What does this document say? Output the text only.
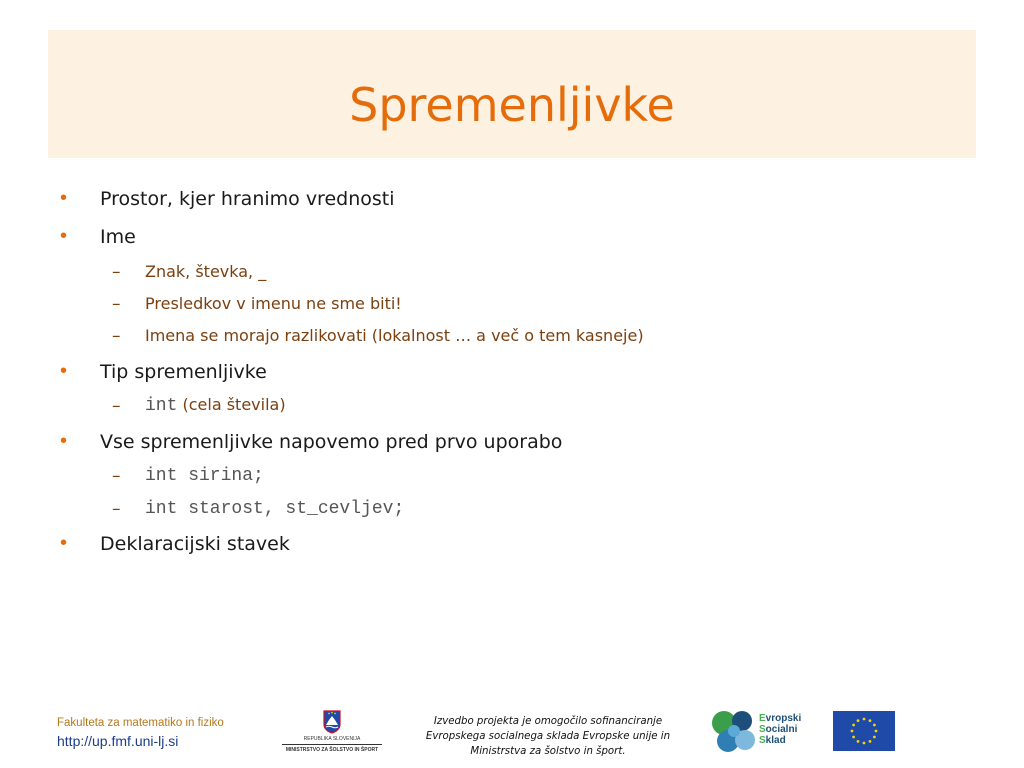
Spremenljivke
• Prostor, kjer hranimo vrednosti
• Ime
– Znak, števka, _
– Presledkov v imenu ne sme biti!
– Imena se morajo razlikovati (lokalnost … a več o tem kasneje)
• Tip spremenljivke
– int (cela števila)
• Vse spremenljivke napovemo pred prvo uporabo
– int sirina;
– int starost, st_cevljev;
• Deklaracijski stavek
Fakulteta za matematiko in fiziko
http://up.fmf.uni-lj.si	REPUBLIKA SLOVENIJA
MINISTRSTVO ZA ŠOLSTVO IN ŠPORT
Izvedbo projekta je omogočilo sofinanciranje
Evropskega socialnega sklada Evropske unije in
Ministrstva za šolstvo in šport.
Evropski
Socialni
Sklad
